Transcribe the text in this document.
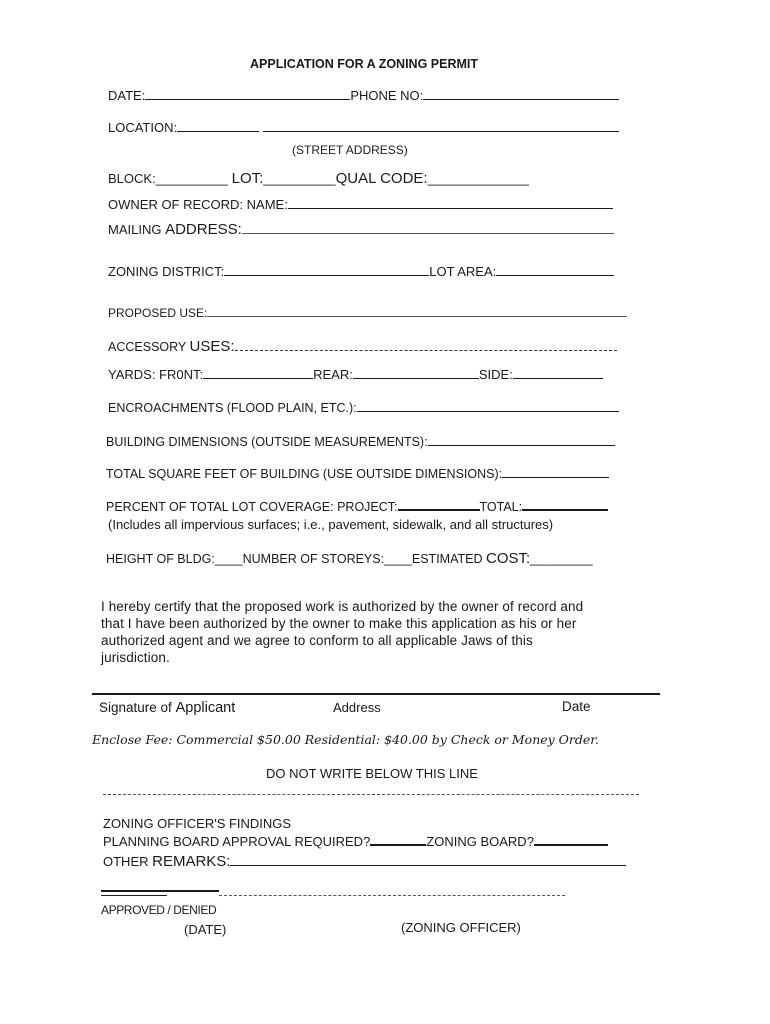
APPLICATION FOR A ZONING PERMIT
DATE:	PHONE NO:
LOCATION:
(STREET ADDRESS)
BLOCK:__________ LOT:__________QUAL CODE:______________
OWNER OF RECORD: NAME:
MAILING ADDRESS:
ZONING DISTRICT:	LOT AREA:
PROPOSED USE:
ACCESSORY USES:
YARDS: FR0NT:	REAR:	SIDE:
ENCROACHMENTS (FLOOD PLAIN, ETC.):
BUILDING DIMENSIONS (OUTSIDE MEASUREMENTS):
TOTAL SQUARE FEET OF BUILDING (USE OUTSIDE DIMENSIONS):
PERCENT OF TOTAL LOT COVERAGE: PROJECT:	TOTAL:
(Includes all impervious surfaces; i.e., pavement, sidewalk, and all structures)
HEIGHT OF BLDG:____NUMBER OF STOREYS:____ESTIMATED COST:_________
I hereby certify that the proposed work is authorized by the owner of record and
that I have been authorized by the owner to make this application as his or her
authorized agent and we agree to conform to all applicable Jaws of this
jurisdiction.
Signature of Applicant	Address	Date
Enclose Fee: Commercial $50.00 Residential: $40.00 by Check or Money Order.
DO NOT WRITE BELOW THIS LINE
ZONING OFFICER'S FINDINGS
PLANNING BOARD APPROVAL REQUIRED?	ZONING BOARD?
OTHER REMARKS:
APPROVED / DENIED
(DATE)	(ZONING OFFICER)
